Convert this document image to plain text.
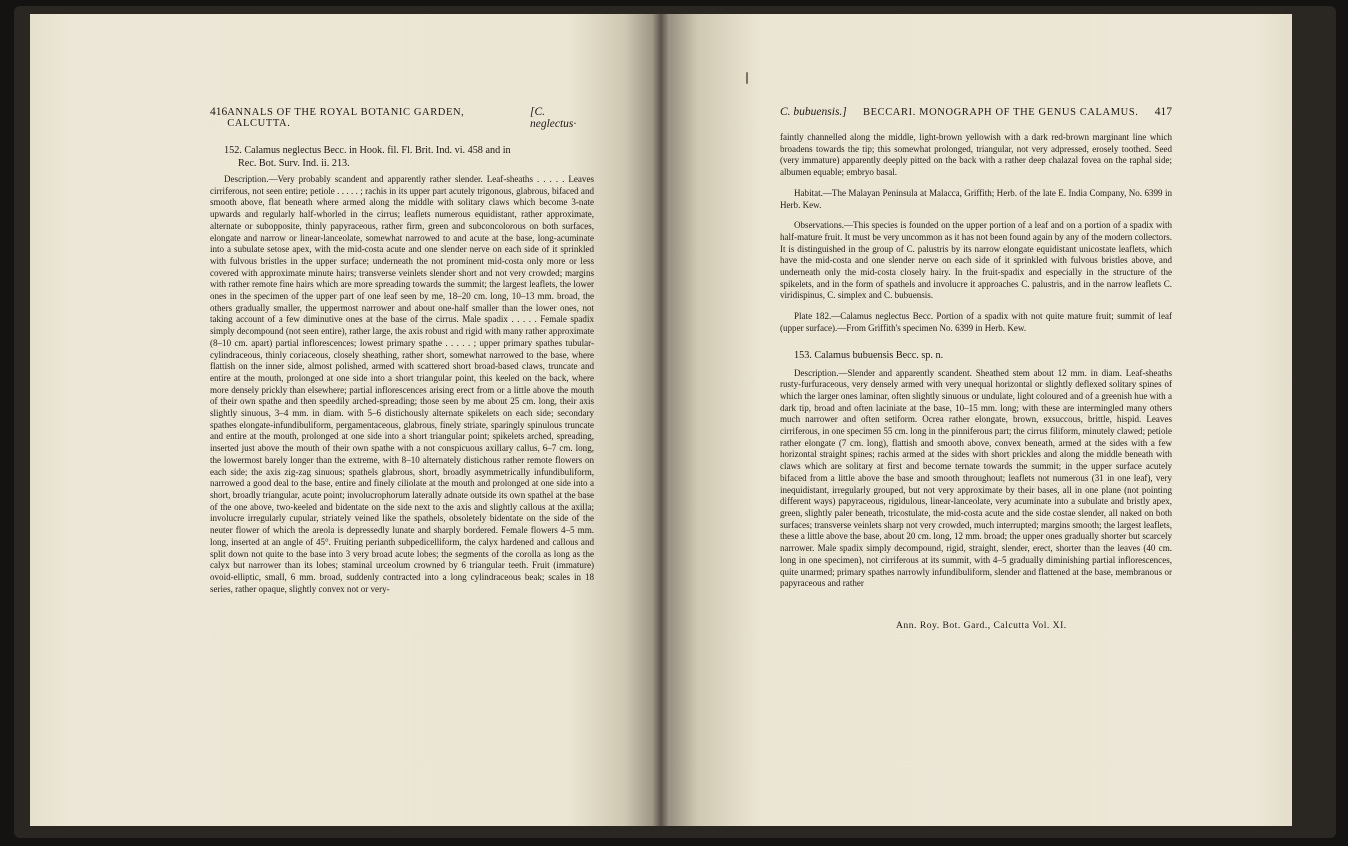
416 ANNALS OF THE ROYAL BOTANIC GARDEN, CALCUTTA.
[C. neglectus·

152. Calamus neglectus Becc. in Hook. fil. Fl. Brit. Ind. vi. 458 and in
Rec. Bot. Surv. Ind. ii. 213.

Description.—Very probably scandent and apparently rather slender. Leaf-sheaths . . . . . Leaves cirriferous, not seen entire; petiole . . . . . ; rachis in its upper part acutely trigonous, glabrous, bifaced and smooth above, flat beneath where armed along the middle with solitary claws which become 3-nate upwards and regularly half-whorled in the cirrus; leaflets numerous equidistant, rather approximate, alternate or subopposite, thinly papyraceous, rather firm, green and subconcolorous on both surfaces, elongate and narrow or linear-lanceolate, somewhat narrowed to and acute at the base, long-acuminate into a subulate setose apex, with the mid-costa acute and one slender nerve on each side of it sprinkled with fulvous bristles in the upper surface; underneath the not prominent mid-costa only more or less covered with approximate minute hairs; transverse veinlets slender short and not very crowded; margins with rather remote fine hairs which are more spreading towards the summit; the largest leaflets, the lower ones in the specimen of the upper part of one leaf seen by me, 18–20 cm. long, 10–13 mm. broad, the others gradually smaller, the uppermost narrower and about one-half smaller than the lower ones, not taking account of a few diminutive ones at the base of the cirrus. Male spadix . . . . . Female spadix simply decompound (not seen entire), rather large, the axis robust and rigid with many rather approximate (8–10 cm. apart) partial inflorescences; lowest primary spathe . . . . . ; upper primary spathes tubular-cylindraceous, thinly coriaceous, closely sheathing, rather short, somewhat narrowed to the base, where flattish on the inner side, almost polished, armed with scattered short broad-based claws, truncate and entire at the mouth, prolonged at one side into a short triangular point, this keeled on the back, where more densely prickly than elsewhere; partial inflorescences arising erect from or a little above the mouth of their own spathe and then speedily arched-spreading; those seen by me about 25 cm. long, their axis slightly sinuous, 3–4 mm. in diam. with 5–6 distichously alternate spikelets on each side; secondary spathes elongate-infundibuliform, pergamentaceous, glabrous, finely striate, sparingly spinulous truncate and entire at the mouth, prolonged at one side into a short triangular point; spikelets arched, spreading, inserted just above the mouth of their own spathe with a not conspicuous axillary callus, 6–7 cm. long, the lowermost barely longer than the extreme, with 8–10 alternately distichous rather remote flowers on each side; the axis zig-zag sinuous; spathels glabrous, short, broadly asymmetrically infundibuliform, narrowed a good deal to the base, entire and finely ciliolate at the mouth and prolonged at one side into a short, broadly triangular, acute point; involucrophorum laterally adnate outside its own spathel at the base of the one above, two-keeled and bidentate on the side next to the axis and slightly callous at the axilla; involucre irregularly cupular, striately veined like the spathels, obsoletely bidentate on the side of the neuter flower of which the areola is depressedly lunate and sharply bordered. Female flowers 4–5 mm. long, inserted at an angle of 45°. Fruiting perianth subpedicelliform, the calyx hardened and callous and split down not quite to the base into 3 very broad acute lobes; the segments of the corolla as long as the calyx but narrower than its lobes; staminal urceolum crowned by 6 triangular teeth. Fruit (immature) ovoid-elliptic, small, 6 mm. broad, suddenly contracted into a long cylindraceous beak; scales in 18 series, rather opaque, slightly convex not or very-

C. bubuensis.] BECCARI. MONOGRAPH OF THE GENUS CALAMUS. 417

faintly channelled along the middle, light-brown yellowish with a dark red-brown marginant line which broadens towards the tip; this somewhat prolonged, triangular, not very adpressed, erosely toothed. Seed (very immature) apparently deeply pitted on the back with a rather deep chalazal fovea on the raphal side; albumen equable; embryo basal.

Habitat.—The Malayan Peninsula at Malacca, Griffith; Herb. of the late E. India Company, No. 6399 in Herb. Kew.

Observations.—This species is founded on the upper portion of a leaf and on a portion of a spadix with half-mature fruit. It must be very uncommon as it has not been found again by any of the modern collectors. It is distinguished in the group of C. palustris by its narrow elongate equidistant unicostate leaflets, which have the mid-costa and one slender nerve on each side of it sprinkled with fulvous bristles above, and underneath only the mid-costa closely hairy. In the fruit-spadix and especially in the structure of the spikelets, and in the form of spathels and involucre it approaches C. palustris, and in the narrow leaflets C. viridispinus, C. simplex and C. bubuensis.

Plate 182.—Calamus neglectus Becc. Portion of a spadix with not quite mature fruit; summit of leaf (upper surface).—From Griffith's specimen No. 6399 in Herb. Kew.

153. Calamus bubuensis Becc. sp. n.

Description.—Slender and apparently scandent. Sheathed stem about 12 mm. in diam. Leaf-sheaths rusty-furfuraceous, very densely armed with very unequal horizontal or slightly deflexed solitary spines of which the larger ones laminar, often slightly sinuous or undulate, light coloured and of a greenish hue with a dark tip, broad and often laciniate at the base, 10–15 mm. long; with these are intermingled many others much narrower and often setiform. Ocrea rather elongate, brown, exsuccous, brittle, hispid. Leaves cirriferous, in one specimen 55 cm. long in the pinniferous part; the cirrus filiform, minutely clawed; petiole rather elongate (7 cm. long), flattish and smooth above, convex beneath, armed at the sides with a few horizontal straight spines; rachis armed at the sides with short prickles and along the middle beneath with claws which are solitary at first and become ternate towards the summit; in the upper surface acutely bifaced from a little above the base and smooth throughout; leaflets not numerous (31 in one leaf), very inequidistant, irregularly grouped, but not very approximate by their bases, all in one plane (not pointing different ways) papyraceous, rigidulous, linear-lanceolate, very acuminate into a subulate and bristly apex, green, slightly paler beneath, tricostulate, the mid-costa acute and the side costae slender, all naked on both surfaces; transverse veinlets sharp not very crowded, much interrupted; margins smooth; the largest leaflets, these a little above the base, about 20 cm. long, 12 mm. broad; the upper ones gradually shorter but scarcely narrower. Male spadix simply decompound, rigid, straight, slender, erect, shorter than the leaves (40 cm. long in one specimen), not cirriferous at its summit, with 4–5 gradually diminishing partial inflorescences, quite unarmed; primary spathes narrowly infundibuliform, slender and flattened at the base, membranous or papyraceous and rather

Ann. Roy. Bot. Gard., Calcutta Vol. XI.
